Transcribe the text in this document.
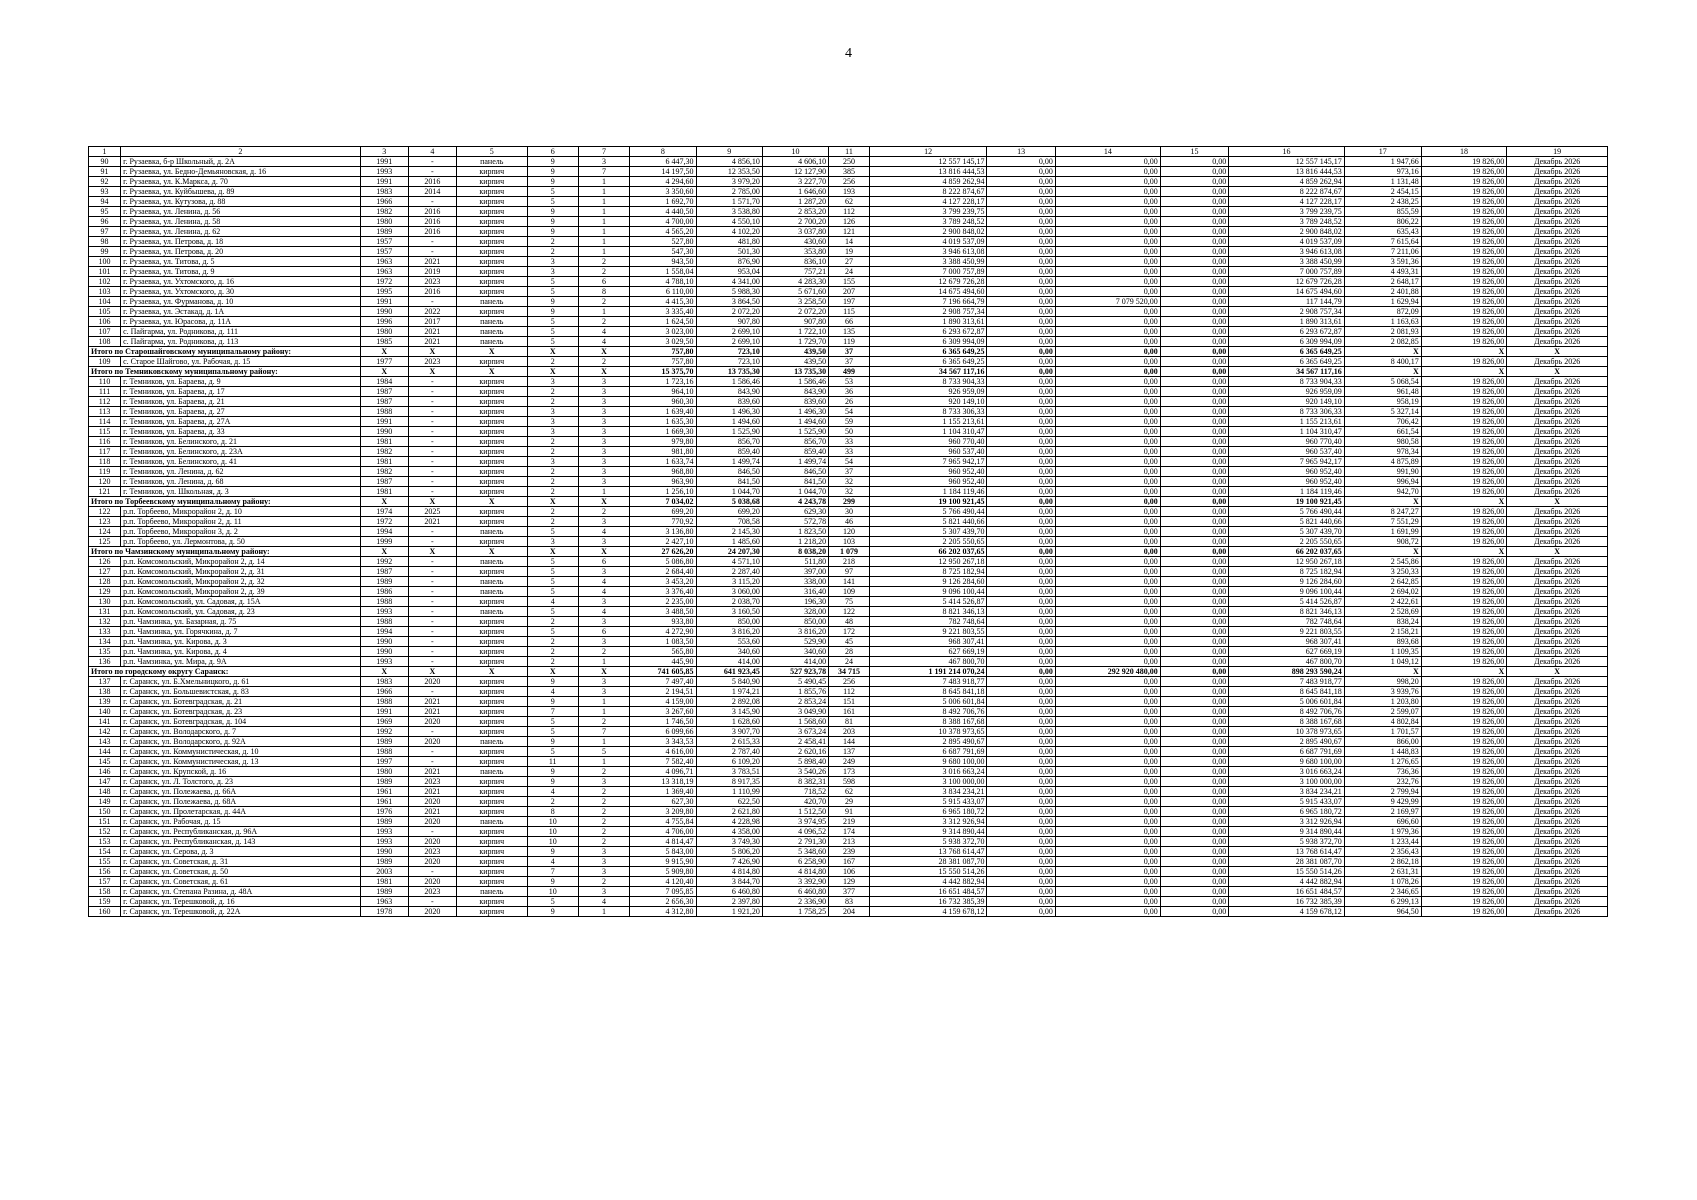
4
1	2	3	4	5	6	7	8	9	10	11	12	13	14	15	16	17	18	19
90	г. Рузаевка, б-р Школьный, д. 2А	1991	-	панель	9	3	6 447,30	4 856,10	4 606,10	250	12 557 145,17	0,00	0,00	0,00	12 557 145,17	1 947,66	19 826,00	Декабрь 2026
91	г. Рузаевка, ул. Бедно-Демьяновская, д. 16	1993	-	кирпич	9	7	14 197,50	12 353,50	12 127,90	385	13 816 444,53	0,00	0,00	0,00	13 816 444,53	973,16	19 826,00	Декабрь 2026
92	г. Рузаевка, ул. К.Маркса, д. 70	1991	2016	кирпич	9	1	4 294,60	3 979,20	3 227,70	256	4 859 262,94	0,00	0,00	0,00	4 859 262,94	1 131,48	19 826,00	Декабрь 2026
93	г. Рузаевка, ул. Куйбышева, д. 89	1983	2014	кирпич	5	1	3 350,60	2 785,00	1 646,60	193	8 222 874,67	0,00	0,00	0,00	8 222 874,67	2 454,15	19 826,00	Декабрь 2026
94	г. Рузаевка, ул. Кутузова, д. 88	1966	-	кирпич	5	1	1 692,70	1 571,70	1 287,20	62	4 127 228,17	0,00	0,00	0,00	4 127 228,17	2 438,25	19 826,00	Декабрь 2026
95	г. Рузаевка, ул. Ленина, д. 56	1982	2016	кирпич	9	1	4 440,50	3 538,80	2 853,20	112	3 799 239,75	0,00	0,00	0,00	3 799 239,75	855,59	19 826,00	Декабрь 2026
96	г. Рузаевка, ул. Ленина, д. 58	1980	2016	кирпич	9	1	4 700,00	4 550,10	2 700,20	126	3 789 248,52	0,00	0,00	0,00	3 789 248,52	806,22	19 826,00	Декабрь 2026
97	г. Рузаевка, ул. Ленина, д. 62	1989	2016	кирпич	9	1	4 565,20	4 102,20	3 037,80	121	2 900 848,02	0,00	0,00	0,00	2 900 848,02	635,43	19 826,00	Декабрь 2026
98	г. Рузаевка, ул. Петрова, д. 18	1957	-	кирпич	2	1	527,80	481,80	430,60	14	4 019 537,09	0,00	0,00	0,00	4 019 537,09	7 615,64	19 826,00	Декабрь 2026
99	г. Рузаевка, ул. Петрова, д. 20	1957	-	кирпич	2	1	547,30	501,30	353,80	19	3 946 613,08	0,00	0,00	0,00	3 946 613,08	7 211,06	19 826,00	Декабрь 2026
100	г. Рузаевка, ул. Титова, д. 5	1963	2021	кирпич	3	2	943,50	876,90	836,10	27	3 388 450,99	0,00	0,00	0,00	3 388 450,99	3 591,36	19 826,00	Декабрь 2026
101	г. Рузаевка, ул. Титова, д. 9	1963	2019	кирпич	3	2	1 558,04	953,04	757,21	24	7 000 757,89	0,00	0,00	0,00	7 000 757,89	4 493,31	19 826,00	Декабрь 2026
102	г. Рузаевка, ул. Ухтомского, д. 16	1972	2023	кирпич	5	6	4 788,10	4 341,00	4 283,30	155	12 679 726,28	0,00	0,00	0,00	12 679 726,28	2 648,17	19 826,00	Декабрь 2026
103	г. Рузаевка, ул. Ухтомского, д. 30	1995	2016	кирпич	5	8	6 110,00	5 988,30	5 671,60	207	14 675 494,60	0,00	0,00	0,00	14 675 494,60	2 401,88	19 826,00	Декабрь 2026
104	г. Рузаевка, ул. Фурманова, д. 10	1991	-	панель	9	2	4 415,30	3 864,50	3 258,50	197	7 196 664,79	0,00	7 079 520,00	0,00	117 144,79	1 629,94	19 826,00	Декабрь 2026
105	г. Рузаевка, ул. Эстакад, д. 1А	1990	2022	кирпич	9	1	3 335,40	2 072,20	2 072,20	115	2 908 757,34	0,00	0,00	0,00	2 908 757,34	872,09	19 826,00	Декабрь 2026
106	г. Рузаевка, ул. Юрасова, д. 11А	1996	2017	панель	5	2	1 624,50	907,80	907,80	66	1 890 313,61	0,00	0,00	0,00	1 890 313,61	1 163,63	19 826,00	Декабрь 2026
107	с. Пайгарма, ул. Родникова, д. 111	1980	2021	панель	5	4	3 023,00	2 699,10	1 722,10	135	6 293 672,87	0,00	0,00	0,00	6 293 672,87	2 081,93	19 826,00	Декабрь 2026
108	с. Пайгарма, ул. Родникова, д. 113	1985	2021	панель	5	4	3 029,50	2 699,10	1 729,70	119	6 309 994,09	0,00	0,00	0,00	6 309 994,09	2 082,85	19 826,00	Декабрь 2026
Итого по Старошайговскому муниципальному району:		X	X	X	X	X	757,80	723,10	439,50	37	6 365 649,25	0,00	0,00	0,00	6 365 649,25	X	X	X
109	с. Старое Шайгово, ул. Рабочая, д. 15	1977	2023	кирпич	2	2	757,80	723,10	439,50	37	6 365 649,25	0,00	0,00	0,00	6 365 649,25	8 400,17	19 826,00	Декабрь 2026
Итого по Темниковскому муниципальному району:		X	X	X	X	X	15 375,70	13 735,30	13 735,30	499	34 567 117,16	0,00	0,00	0,00	34 567 117,16	X	X	X
110	г. Темников, ул. Бараева, д. 9	1984	-	кирпич	3	3	1 723,16	1 586,46	1 586,46	53	8 733 904,33	0,00	0,00	0,00	8 733 904,33	5 068,54	19 826,00	Декабрь 2026
111	г. Темников, ул. Бараева, д. 17	1987	-	кирпич	2	3	964,10	843,90	843,90	36	926 959,09	0,00	0,00	0,00	926 959,09	961,48	19 826,00	Декабрь 2026
112	г. Темников, ул. Бараева, д. 21	1987	-	кирпич	2	3	960,30	839,60	839,60	26	920 149,10	0,00	0,00	0,00	920 149,10	958,19	19 826,00	Декабрь 2026
113	г. Темников, ул. Бараева, д. 27	1988	-	кирпич	3	3	1 639,40	1 496,30	1 496,30	54	8 733 306,33	0,00	0,00	0,00	8 733 306,33	5 327,14	19 826,00	Декабрь 2026
114	г. Темников, ул. Бараева, д. 27А	1991	-	кирпич	3	3	1 635,30	1 494,60	1 494,60	59	1 155 213,61	0,00	0,00	0,00	1 155 213,61	706,42	19 826,00	Декабрь 2026
115	г. Темников, ул. Бараева, д. 33	1990	-	кирпич	3	3	1 669,30	1 525,90	1 525,90	50	1 104 310,47	0,00	0,00	0,00	1 104 310,47	661,54	19 826,00	Декабрь 2026
116	г. Темников, ул. Белинского, д. 21	1981	-	кирпич	2	3	979,80	856,70	856,70	33	960 770,40	0,00	0,00	0,00	960 770,40	980,58	19 826,00	Декабрь 2026
117	г. Темников, ул. Белинского, д. 23А	1982	-	кирпич	2	3	981,80	859,40	859,40	33	960 537,40	0,00	0,00	0,00	960 537,40	978,34	19 826,00	Декабрь 2026
118	г. Темников, ул. Белинского, д. 41	1981	-	кирпич	3	3	1 633,74	1 499,74	1 499,74	54	7 965 942,17	0,00	0,00	0,00	7 965 942,17	4 875,89	19 826,00	Декабрь 2026
119	г. Темников, ул. Ленина, д. 62	1982	-	кирпич	2	3	968,80	846,50	846,50	37	960 952,40	0,00	0,00	0,00	960 952,40	991,90	19 826,00	Декабрь 2026
120	г. Темников, ул. Ленина, д. 68	1987	-	кирпич	2	3	963,90	841,50	841,50	32	960 952,40	0,00	0,00	0,00	960 952,40	996,94	19 826,00	Декабрь 2026
121	г. Темников, ул. Школьная, д. 3	1981	-	кирпич	2	1	1 256,10	1 044,70	1 044,70	32	1 184 119,46	0,00	0,00	0,00	1 184 119,46	942,70	19 826,00	Декабрь 2026
Итого по Торбеевскому муниципальному району:		X	X	X	X	X	7 034,02	5 038,68	4 243,78	299	19 100 921,45	0,00	0,00	0,00	19 100 921,45	X	X	X
122	р.п. Торбеево, Микрорайон 2, д. 10	1974	2025	кирпич	2	2	699,20	699,20	629,30	30	5 766 490,44	0,00	0,00	0,00	5 766 490,44	8 247,27	19 826,00	Декабрь 2026
123	р.п. Торбеево, Микрорайон 2, д. 11	1972	2021	кирпич	2	3	770,92	708,58	572,78	46	5 821 440,66	0,00	0,00	0,00	5 821 440,66	7 551,29	19 826,00	Декабрь 2026
124	р.п. Торбеево, Микрорайон 3, д. 2	1994	-	панель	5	4	3 136,80	2 145,30	1 823,50	120	5 307 439,70	0,00	0,00	0,00	5 307 439,70	1 691,99	19 826,00	Декабрь 2026
125	р.п. Торбеево, ул. Лермонтова, д. 50	1999	-	кирпич	3	3	2 427,10	1 485,60	1 218,20	103	2 205 550,65	0,00	0,00	0,00	2 205 550,65	908,72	19 826,00	Декабрь 2026
Итого по Чамзинскому муниципальному району:		X	X	X	X	X	27 626,20	24 207,30	8 038,20	1 079	66 202 037,65	0,00	0,00	0,00	66 202 037,65	X	X	X
126	р.п. Комсомольский, Микрорайон 2, д. 14	1992	-	панель	5	6	5 086,80	4 571,10	511,80	218	12 950 267,18	0,00	0,00	0,00	12 950 267,18	2 545,86	19 826,00	Декабрь 2026
127	р.п. Комсомольский, Микрорайон 2, д. 31	1987	-	кирпич	5	3	2 684,40	2 287,40	397,00	97	8 725 182,94	0,00	0,00	0,00	8 725 182,94	3 250,33	19 826,00	Декабрь 2026
128	р.п. Комсомольский, Микрорайон 2, д. 32	1989	-	панель	5	4	3 453,20	3 115,20	338,00	141	9 126 284,60	0,00	0,00	0,00	9 126 284,60	2 642,85	19 826,00	Декабрь 2026
129	р.п. Комсомольский, Микрорайон 2, д. 39	1986	-	панель	5	4	3 376,40	3 060,00	316,40	109	9 096 100,44	0,00	0,00	0,00	9 096 100,44	2 694,02	19 826,00	Декабрь 2026
130	р.п. Комсомольский, ул. Садовая, д. 15А	1988	-	кирпич	4	3	2 235,00	2 038,70	196,30	75	5 414 526,87	0,00	0,00	0,00	5 414 526,87	2 422,61	19 826,00	Декабрь 2026
131	р.п. Комсомольский, ул. Садовая, д. 23	1993	-	панель	5	4	3 488,50	3 160,50	328,00	122	8 821 346,13	0,00	0,00	0,00	8 821 346,13	2 528,69	19 826,00	Декабрь 2026
132	р.п. Чамзинка, ул. Базарная, д. 75	1988	-	кирпич	2	3	933,80	850,00	850,00	48	782 748,64	0,00	0,00	0,00	782 748,64	838,24	19 826,00	Декабрь 2026
133	р.п. Чамзинка, ул. Горячкина, д. 7	1994	-	кирпич	5	6	4 272,90	3 816,20	3 816,20	172	9 221 803,55	0,00	0,00	0,00	9 221 803,55	2 158,21	19 826,00	Декабрь 2026
134	р.п. Чамзинка, ул. Кирова, д. 3	1990	-	кирпич	2	3	1 083,50	553,60	529,90	45	968 307,41	0,00	0,00	0,00	968 307,41	893,68	19 826,00	Декабрь 2026
135	р.п. Чамзинка, ул. Кирова, д. 4	1990	-	кирпич	2	2	565,80	340,60	340,60	28	627 669,19	0,00	0,00	0,00	627 669,19	1 109,35	19 826,00	Декабрь 2026
136	р.п. Чамзинка, ул. Мира, д. 9А	1993	-	кирпич	2	1	445,90	414,00	414,00	24	467 800,70	0,00	0,00	0,00	467 800,70	1 049,12	19 826,00	Декабрь 2026
Итого по городскому округу Саранск:		X	X	X	X	X	741 605,85	641 923,45	527 923,78	34 715	1 191 214 070,24	0,00	292 920 480,00	0,00	898 293 590,24	X	X	X
137	г. Саранск, ул. Б.Хмельницкого, д. 61	1983	2020	кирпич	9	3	7 497,40	5 840,90	5 490,45	256	7 483 918,77	0,00	0,00	0,00	7 483 918,77	998,20	19 826,00	Декабрь 2026
138	г. Саранск, ул. Большевистская, д. 83	1966	-	кирпич	4	3	2 194,51	1 974,21	1 855,76	112	8 645 841,18	0,00	0,00	0,00	8 645 841,18	3 939,76	19 826,00	Декабрь 2026
139	г. Саранск, ул. Ботевградская, д. 21	1988	2021	кирпич	9	1	4 159,00	2 892,08	2 853,24	151	5 006 601,84	0,00	0,00	0,00	5 006 601,84	1 203,80	19 826,00	Декабрь 2026
140	г. Саранск, ул. Ботевградская, д. 23	1991	2021	кирпич	7	1	3 267,60	3 145,90	3 049,90	161	8 492 706,76	0,00	0,00	0,00	8 492 706,76	2 599,07	19 826,00	Декабрь 2026
141	г. Саранск, ул. Ботевградская, д. 104	1969	2020	кирпич	5	2	1 746,50	1 628,60	1 568,60	81	8 388 167,68	0,00	0,00	0,00	8 388 167,68	4 802,84	19 826,00	Декабрь 2026
142	г. Саранск, ул. Володарского, д. 7	1992	-	кирпич	5	7	6 099,66	3 907,70	3 673,24	203	10 378 973,65	0,00	0,00	0,00	10 378 973,65	1 701,57	19 826,00	Декабрь 2026
143	г. Саранск, ул. Володарского, д. 92А	1989	2020	панель	9	1	3 343,53	2 615,33	2 458,41	144	2 895 490,67	0,00	0,00	0,00	2 895 490,67	866,00	19 826,00	Декабрь 2026
144	г. Саранск, ул. Коммунистическая, д. 10	1988	-	кирпич	5	5	4 616,00	2 787,40	2 620,16	137	6 687 791,69	0,00	0,00	0,00	6 687 791,69	1 448,83	19 826,00	Декабрь 2026
145	г. Саранск, ул. Коммунистическая, д. 13	1997	-	кирпич	11	1	7 582,40	6 109,20	5 898,40	249	9 680 100,00	0,00	0,00	0,00	9 680 100,00	1 276,65	19 826,00	Декабрь 2026
146	г. Саранск, ул. Крупской, д. 16	1980	2021	панель	9	2	4 096,71	3 783,51	3 540,26	173	3 016 663,24	0,00	0,00	0,00	3 016 663,24	736,36	19 826,00	Декабрь 2026
147	г. Саранск, ул. Л. Толстого, д. 23	1989	2023	кирпич	9	3	13 318,19	8 917,35	8 382,31	598	3 100 000,00	0,00	0,00	0,00	3 100 000,00	232,76	19 826,00	Декабрь 2026
148	г. Саранск, ул. Полежаева, д. 66А	1961	2021	кирпич	4	2	1 369,40	1 110,99	718,52	62	3 834 234,21	0,00	0,00	0,00	3 834 234,21	2 799,94	19 826,00	Декабрь 2026
149	г. Саранск, ул. Полежаева, д. 68А	1961	2020	кирпич	2	2	627,30	622,50	420,70	29	5 915 433,07	0,00	0,00	0,00	5 915 433,07	9 429,99	19 826,00	Декабрь 2026
150	г. Саранск, ул. Пролетарская, д. 44А	1976	2021	кирпич	8	2	3 209,80	2 621,80	1 512,50	91	6 965 180,72	0,00	0,00	0,00	6 965 180,72	2 169,97	19 826,00	Декабрь 2026
151	г. Саранск, ул. Рабочая, д. 15	1989	2020	панель	10	2	4 755,84	4 228,98	3 974,95	219	3 312 926,94	0,00	0,00	0,00	3 312 926,94	696,60	19 826,00	Декабрь 2026
152	г. Саранск, ул. Республиканская, д. 96А	1993	-	кирпич	10	2	4 706,00	4 358,00	4 096,52	174	9 314 890,44	0,00	0,00	0,00	9 314 890,44	1 979,36	19 826,00	Декабрь 2026
153	г. Саранск, ул. Республиканская, д. 143	1993	2020	кирпич	10	2	4 814,47	3 749,30	2 791,30	213	5 938 372,70	0,00	0,00	0,00	5 938 372,70	1 233,44	19 826,00	Декабрь 2026
154	г. Саранск, ул. Серова, д. 3	1990	2023	кирпич	9	3	5 843,00	5 806,20	5 348,60	239	13 768 614,47	0,00	0,00	0,00	13 768 614,47	2 356,43	19 826,00	Декабрь 2026
155	г. Саранск, ул. Советская, д. 31	1989	2020	кирпич	4	3	9 915,90	7 426,90	6 258,90	167	28 381 087,70	0,00	0,00	0,00	28 381 087,70	2 862,18	19 826,00	Декабрь 2026
156	г. Саранск, ул. Советская, д. 50	2003	-	кирпич	7	3	5 909,80	4 814,80	4 814,80	106	15 550 514,26	0,00	0,00	0,00	15 550 514,26	2 631,31	19 826,00	Декабрь 2026
157	г. Саранск, ул. Советская, д. 61	1981	2020	кирпич	9	2	4 120,40	3 844,70	3 392,90	129	4 442 882,94	0,00	0,00	0,00	4 442 882,94	1 078,26	19 826,00	Декабрь 2026
158	г. Саранск, ул. Степана Разина, д. 48А	1989	2023	панель	10	3	7 095,85	6 460,80	6 460,80	377	16 651 484,57	0,00	0,00	0,00	16 651 484,57	2 346,65	19 826,00	Декабрь 2026
159	г. Саранск, ул. Терешковой, д. 16	1963	-	кирпич	5	4	2 656,30	2 397,80	2 336,90	83	16 732 385,39	0,00	0,00	0,00	16 732 385,39	6 299,13	19 826,00	Декабрь 2026
160	г. Саранск, ул. Терешковой, д. 22А	1978	2020	кирпич	9	1	4 312,80	1 921,20	1 758,25	204	4 159 678,12	0,00	0,00	0,00	4 159 678,12	964,50	19 826,00	Декабрь 2026
